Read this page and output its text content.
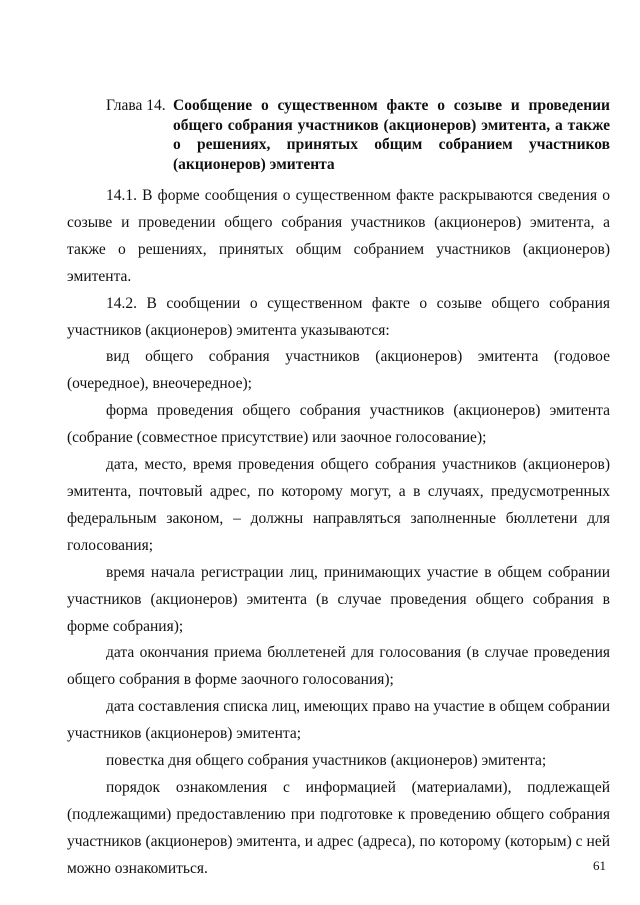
Глава 14. Сообщение о существенном факте о созыве и проведении общего собрания участников (акционеров) эмитента, а также о решениях, принятых общим собранием участников (акционеров) эмитента

14.1. В форме сообщения о существенном факте раскрываются сведения о созыве и проведении общего собрания участников (акционеров) эмитента, а также о решениях, принятых общим собранием участников (акционеров) эмитента.

14.2. В сообщении о существенном факте о созыве общего собрания участников (акционеров) эмитента указываются:

вид общего собрания участников (акционеров) эмитента (годовое (очередное), внеочередное);

форма проведения общего собрания участников (акционеров) эмитента (собрание (совместное присутствие) или заочное голосование);

дата, место, время проведения общего собрания участников (акционеров) эмитента, почтовый адрес, по которому могут, а в случаях, предусмотренных федеральным законом, – должны направляться заполненные бюллетени для голосования;

время начала регистрации лиц, принимающих участие в общем собрании участников (акционеров) эмитента (в случае проведения общего собрания в форме собрания);

дата окончания приема бюллетеней для голосования (в случае проведения общего собрания в форме заочного голосования);

дата составления списка лиц, имеющих право на участие в общем собрании участников (акционеров) эмитента;

повестка дня общего собрания участников (акционеров) эмитента;

порядок ознакомления с информацией (материалами), подлежащей (подлежащими) предоставлению при подготовке к проведению общего собрания участников (акционеров) эмитента, и адрес (адреса), по которому (которым) с ней можно ознакомиться.	61
